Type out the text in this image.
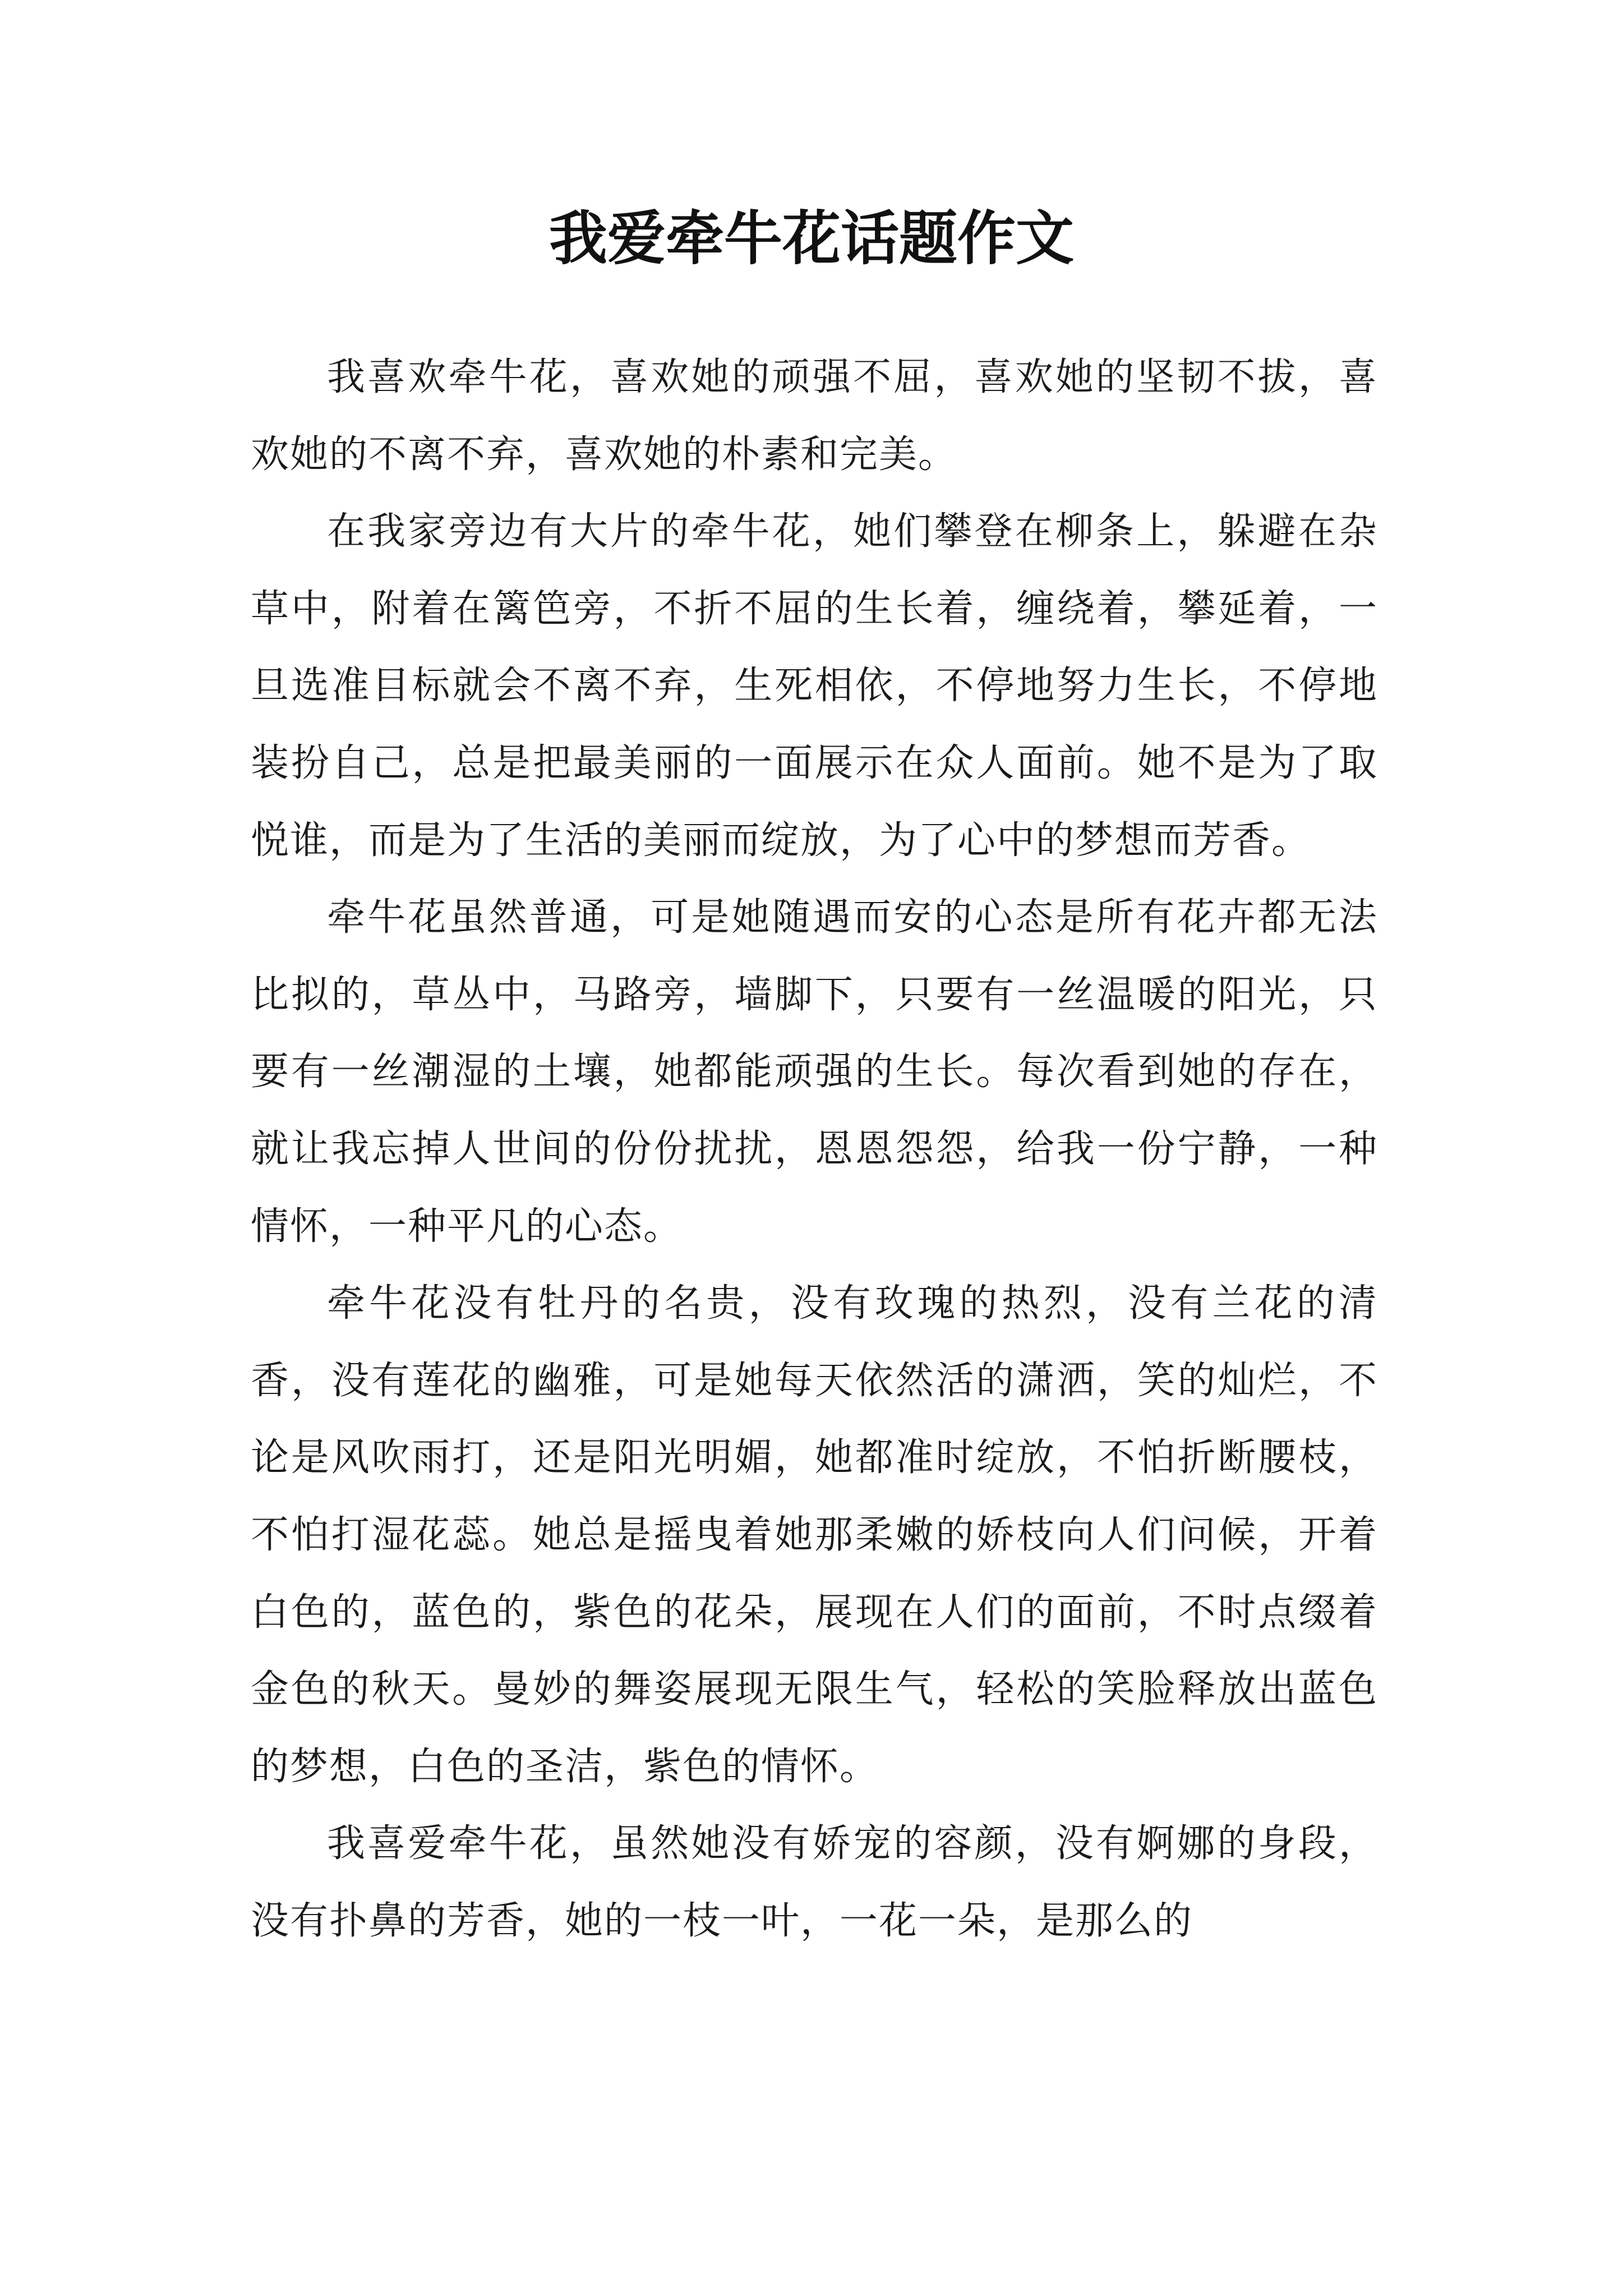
我爱牵牛花话题作文

我喜欢牵牛花，喜欢她的顽强不屈，喜欢她的坚韧不拔，喜欢她的不离不弃，喜欢她的朴素和完美。

在我家旁边有大片的牵牛花，她们攀登在柳条上，躲避在杂草中，附着在篱笆旁，不折不屈的生长着，缠绕着，攀延着，一旦选准目标就会不离不弃，生死相依，不停地努力生长，不停地装扮自己，总是把最美丽的一面展示在众人面前。她不是为了取悦谁，而是为了生活的美丽而绽放，为了心中的梦想而芳香。

牵牛花虽然普通，可是她随遇而安的心态是所有花卉都无法比拟的，草丛中，马路旁，墙脚下，只要有一丝温暖的阳光，只要有一丝潮湿的土壤，她都能顽强的生长。每次看到她的存在，就让我忘掉人世间的份份扰扰，恩恩怨怨，给我一份宁静，一种情怀，一种平凡的心态。

牵牛花没有牡丹的名贵，没有玫瑰的热烈，没有兰花的清香，没有莲花的幽雅，可是她每天依然活的潇洒，笑的灿烂，不论是风吹雨打，还是阳光明媚，她都准时绽放，不怕折断腰枝，不怕打湿花蕊。她总是摇曳着她那柔嫩的娇枝向人们问候，开着白色的，蓝色的，紫色的花朵，展现在人们的面前，不时点缀着金色的秋天。曼妙的舞姿展现无限生气，轻松的笑脸释放出蓝色的梦想，白色的圣洁，紫色的情怀。

我喜爱牵牛花，虽然她没有娇宠的容颜，没有婀娜的身段，没有扑鼻的芳香，她的一枝一叶，一花一朵，是那么的
